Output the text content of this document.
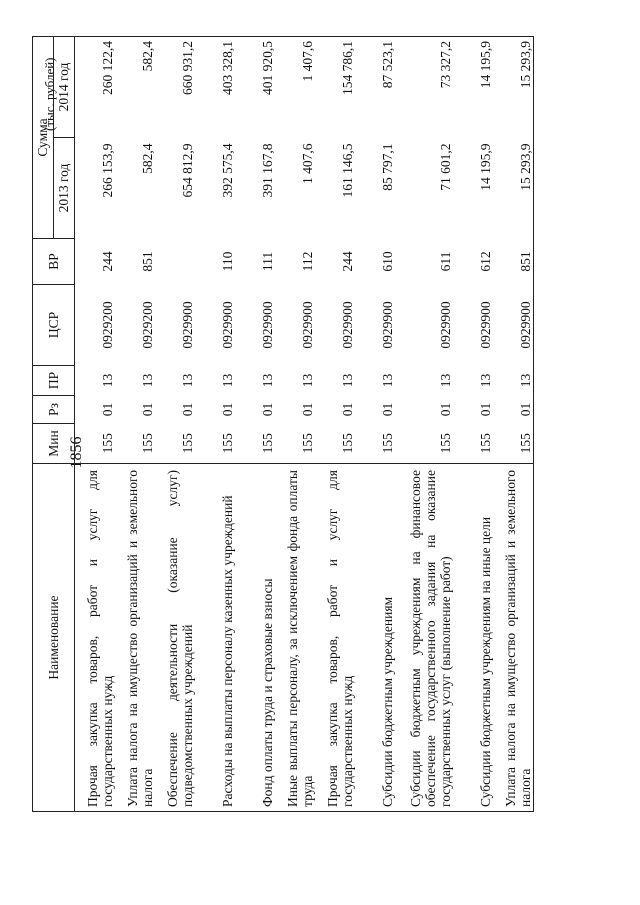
1856
(тыс. рублей)
Наименование	Мин	Рз	ПР	ЦСР	ВР	Сумма	
						2013 год	2014 год
Прочая закупка товаров, работ и услуг для государственных нужд	155	01	13	0929200	244	266 153,9	260 122,4
Уплата налога на имущество организаций и земельного налога	155	01	13	0929200	851	582,4	582,4
Обеспечение деятельности (оказание услуг) подведомственных учреждений	155	01	13	0929900		654 812,9	660 931,2
Расходы на выплаты персоналу казенных учреждений	155	01	13	0929900	110	392 575,4	403 328,1
Фонд оплаты труда и страховые взносы	155	01	13	0929900	111	391 167,8	401 920,5
Иные выплаты персоналу, за исключением фонда оплаты труда	155	01	13	0929900	112	1 407,6	1 407,6
Прочая закупка товаров, работ и услуг для государственных нужд	155	01	13	0929900	244	161 146,5	154 786,1
Субсидии бюджетным учреждениям	155	01	13	0929900	610	85 797,1	87 523,1
Субсидии бюджетным учреждениям на финансовое обеспечение государственного задания на оказание государственных услуг (выполнение работ)	155	01	13	0929900	611	71 601,2	73 327,2
Субсидии бюджетным учреждениям на иные цели	155	01	13	0929900	612	14 195,9	14 195,9
Уплата налога на имущество организаций и земельного налога	155	01	13	0929900	851	15 293,9	15 293,9
